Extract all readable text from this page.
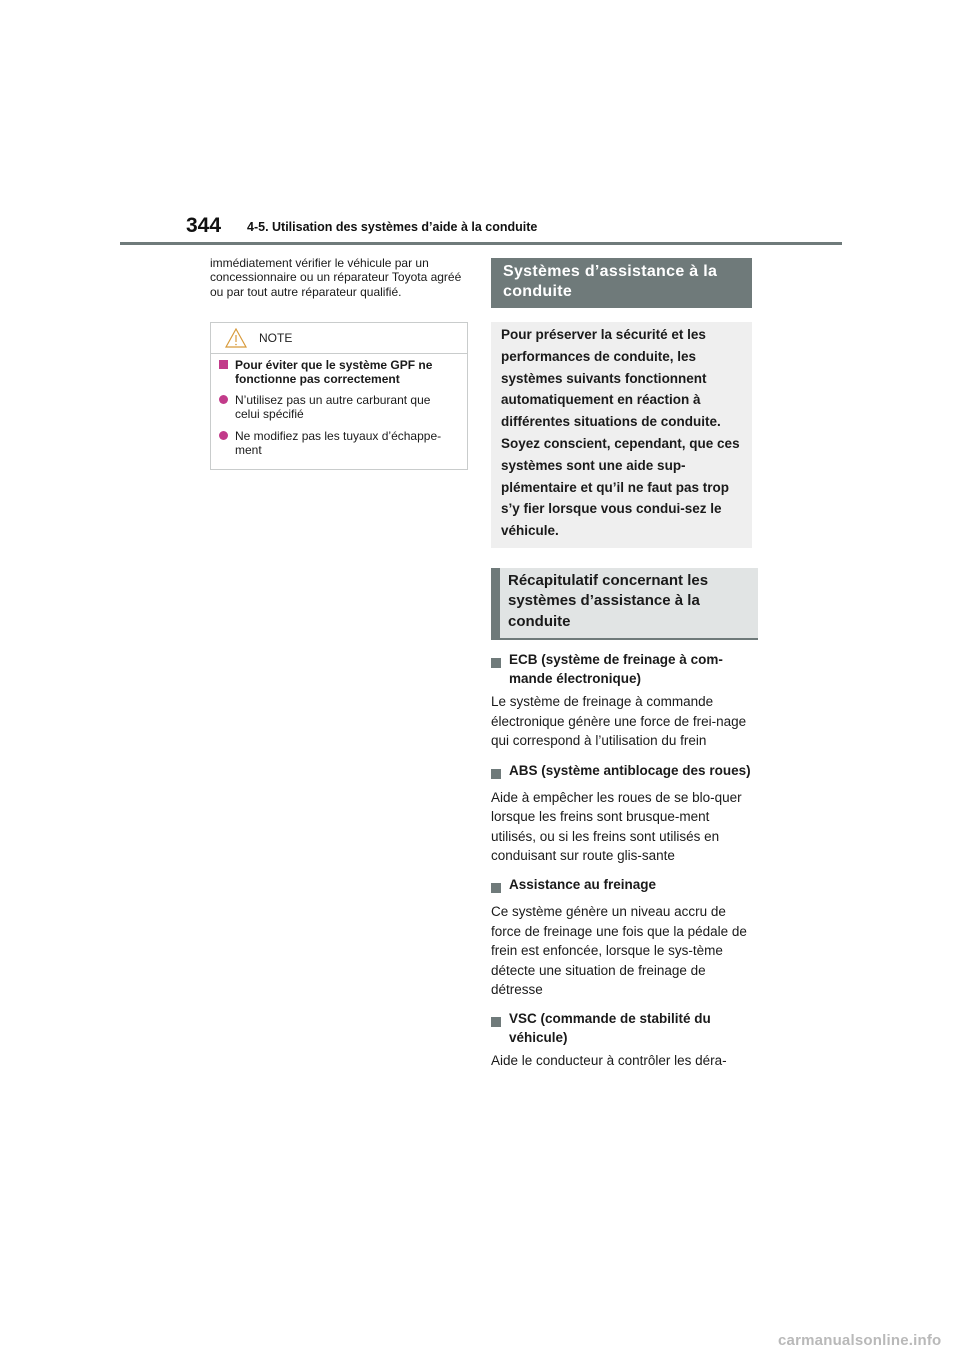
344 4-5. Utilisation des systèmes d’aide à la conduite

immédiatement vérifier le véhicule par un concessionnaire ou un réparateur Toyota agréé ou par tout autre réparateur qualifié.

NOTE
Pour éviter que le système GPF ne fonctionne pas correctement
N’utilisez pas un autre carburant que celui spécifié
Ne modifiez pas les tuyaux d’échappe-ment
Systèmes d’assistance à la conduite
Pour préserver la sécurité et les performances de conduite, les systèmes suivants fonctionnent automatiquement en réaction à différentes situations de conduite. Soyez conscient, cependant, que ces systèmes sont une aide sup-plémentaire et qu’il ne faut pas trop s’y fier lorsque vous condui-sez le véhicule.
Récapitulatif concernant les systèmes d’assistance à la conduite
ECB (système de freinage à com-mande électronique)
Le système de freinage à commande électronique génère une force de frei-nage qui correspond à l’utilisation du frein
ABS (système antiblocage des roues)
Aide à empêcher les roues de se blo-quer lorsque les freins sont brusque-ment utilisés, ou si les freins sont utilisés en conduisant sur route glis-sante
Assistance au freinage
Ce système génère un niveau accru de force de freinage une fois que la pédale de frein est enfoncée, lorsque le sys-tème détecte une situation de freinage de détresse
VSC (commande de stabilité du véhicule)
Aide le conducteur à contrôler les déra-
carmanualsonline.info
